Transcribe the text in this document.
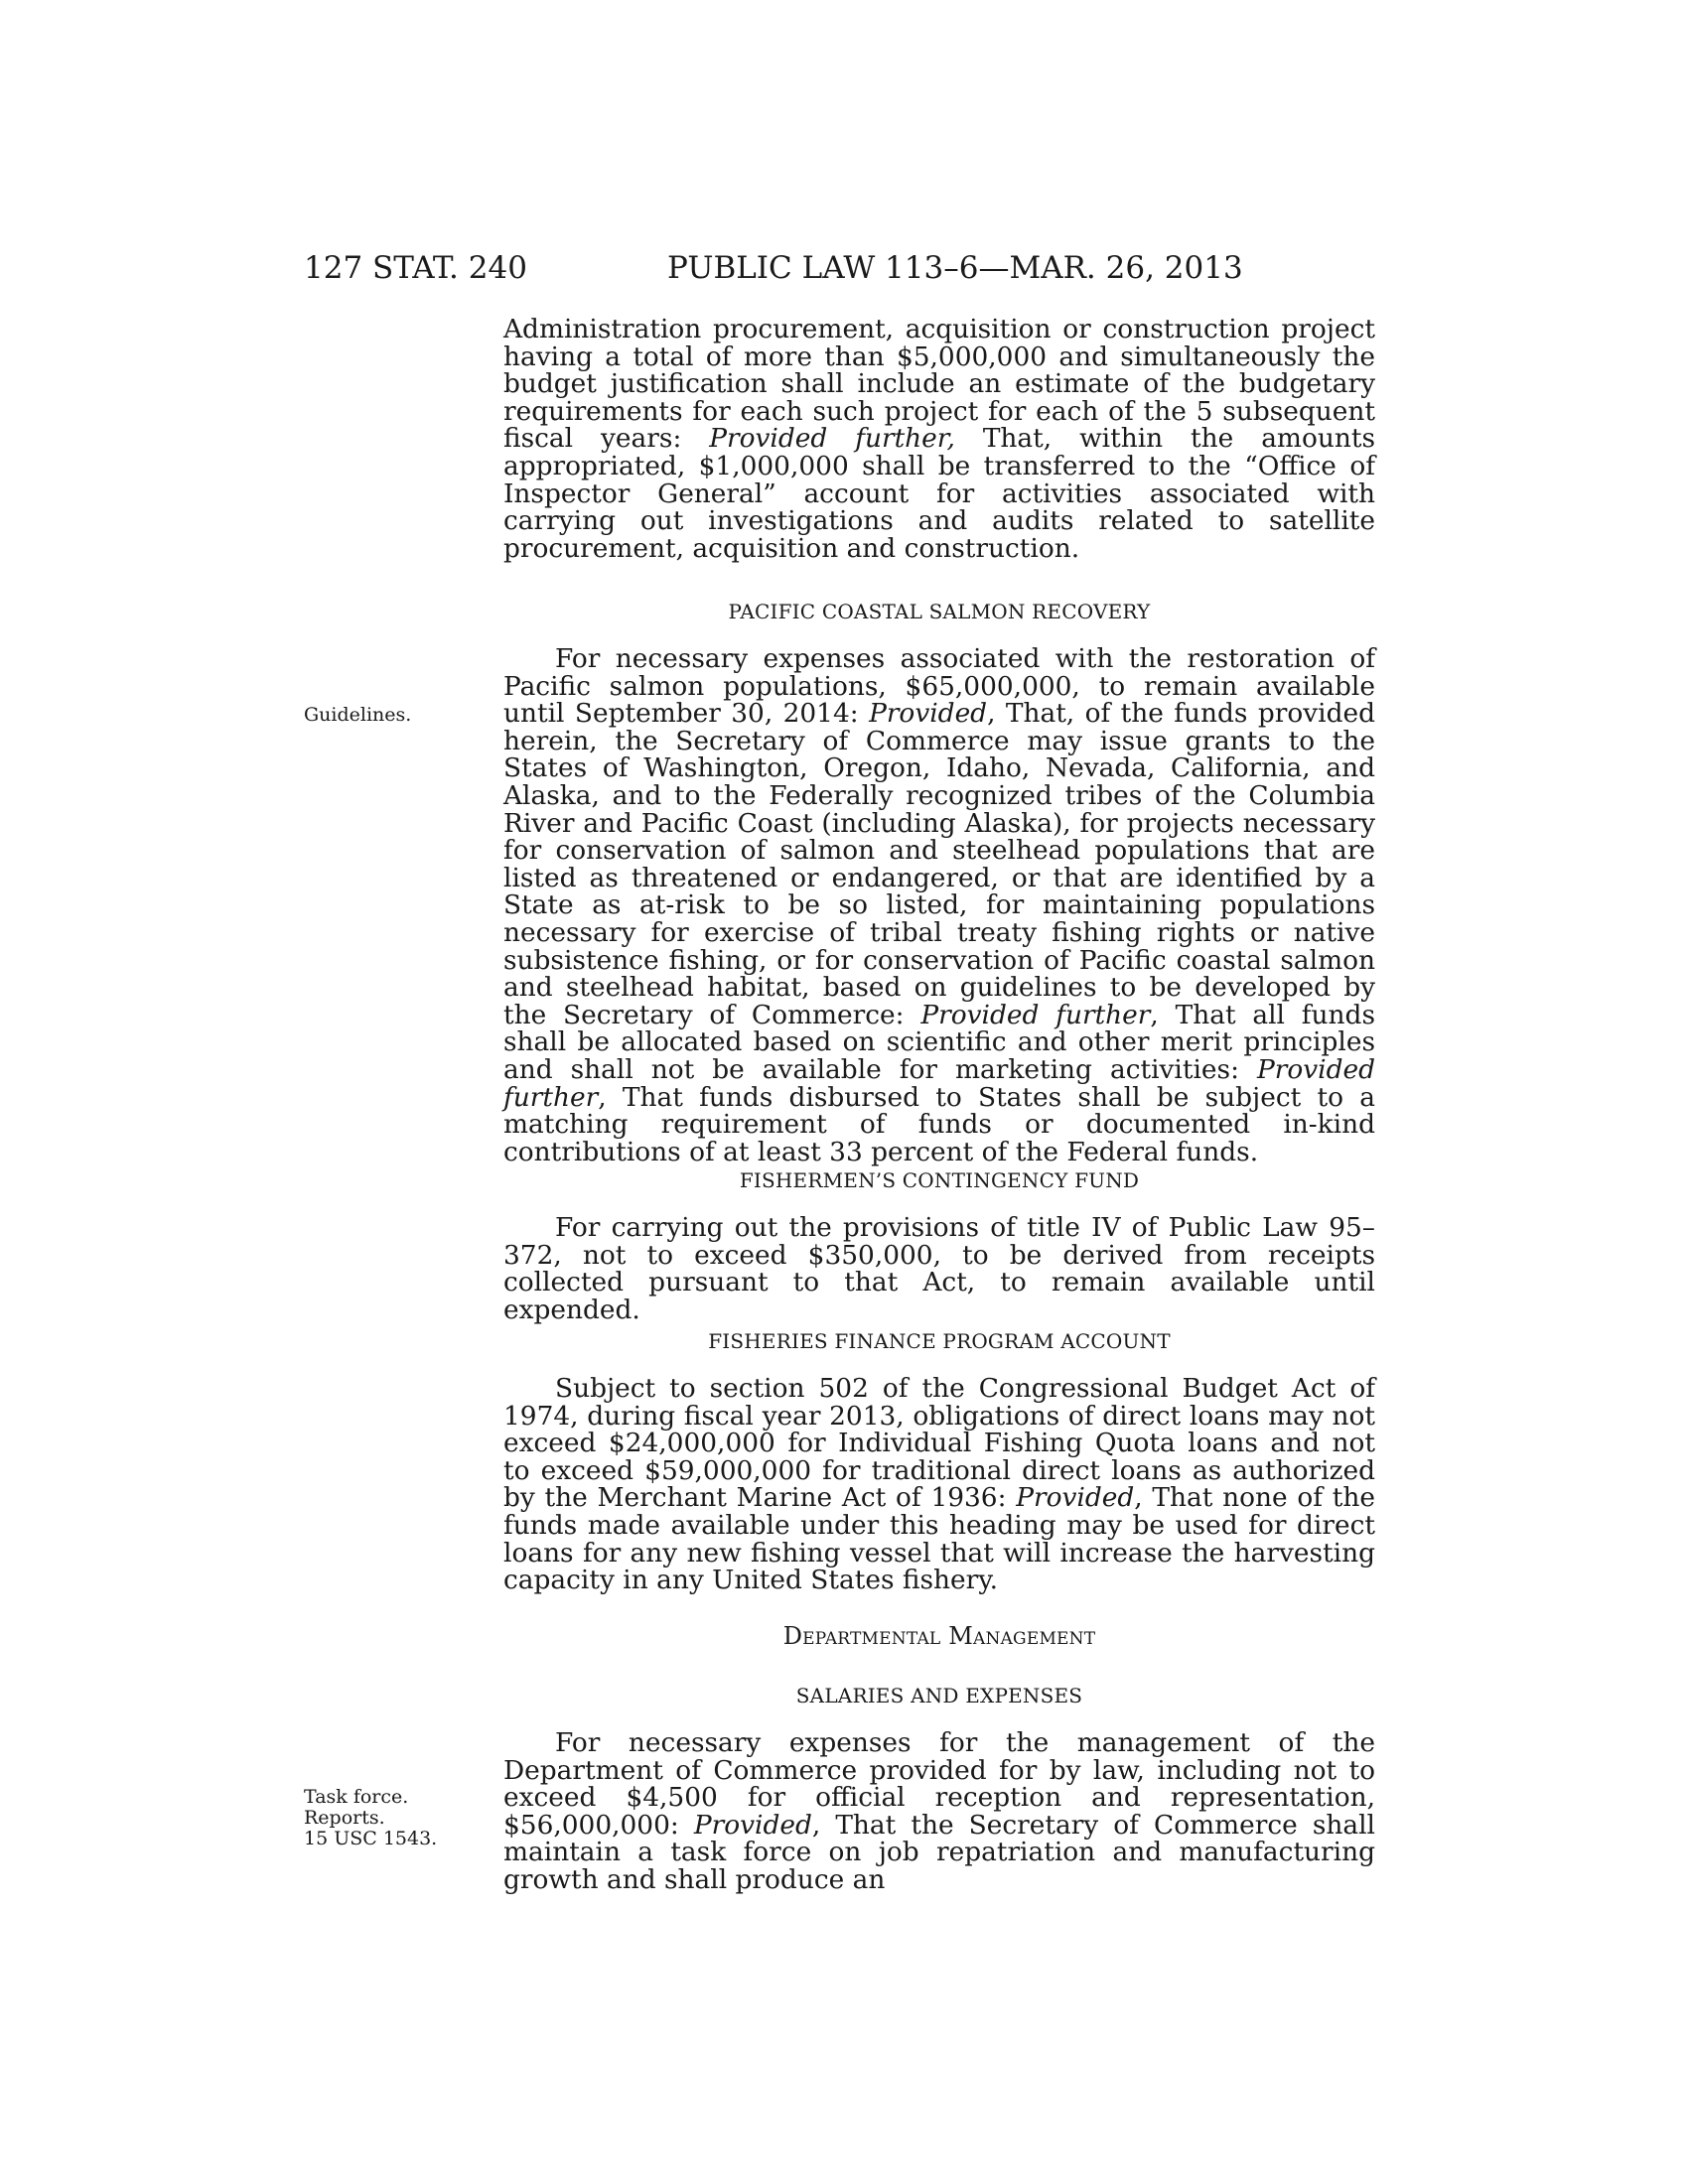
127 STAT. 240	PUBLIC LAW 113–6—MAR. 26, 2013

Administration procurement, acquisition or construction project having a total of more than $5,000,000 and simultaneously the budget justification shall include an estimate of the budgetary requirements for each such project for each of the 5 subsequent fiscal years: Provided further, That, within the amounts appropriated, $1,000,000 shall be transferred to the “Office of Inspector General” account for activities associated with carrying out investigations and audits related to satellite procurement, acquisition and construction.

PACIFIC COASTAL SALMON RECOVERY

For necessary expenses associated with the restoration of Pacific salmon populations, $65,000,000, to remain available until September 30, 2014: Provided, That, of the funds provided herein, the Secretary of Commerce may issue grants to the States of Washington, Oregon, Idaho, Nevada, California, and Alaska, and to the Federally recognized tribes of the Columbia River and Pacific Coast (including Alaska), for projects necessary for conservation of salmon and steelhead populations that are listed as threatened or endangered, or that are identified by a State as at-risk to be so listed, for maintaining populations necessary for exercise of tribal treaty fishing rights or native subsistence fishing, or for conservation of Pacific coastal salmon and steelhead habitat, based on guidelines to be developed by the Secretary of Commerce: Provided further, That all funds shall be allocated based on scientific and other merit principles and shall not be available for marketing activities: Provided further, That funds disbursed to States shall be subject to a matching requirement of funds or documented in-kind contributions of at least 33 percent of the Federal funds.

Guidelines.
FISHERMEN’S CONTINGENCY FUND

For carrying out the provisions of title IV of Public Law 95–372, not to exceed $350,000, to be derived from receipts collected pursuant to that Act, to remain available until expended.

FISHERIES FINANCE PROGRAM ACCOUNT

Subject to section 502 of the Congressional Budget Act of 1974, during fiscal year 2013, obligations of direct loans may not exceed $24,000,000 for Individual Fishing Quota loans and not to exceed $59,000,000 for traditional direct loans as authorized by the Merchant Marine Act of 1936: Provided, That none of the funds made available under this heading may be used for direct loans for any new fishing vessel that will increase the harvesting capacity in any United States fishery.

Departmental Management
SALARIES AND EXPENSES

For necessary expenses for the management of the Department of Commerce provided for by law, including not to exceed $4,500 for official reception and representation, $56,000,000: Provided, That the Secretary of Commerce shall maintain a task force on job repatriation and manufacturing growth and shall produce an

Task force.
Reports.
15 USC 1543.
